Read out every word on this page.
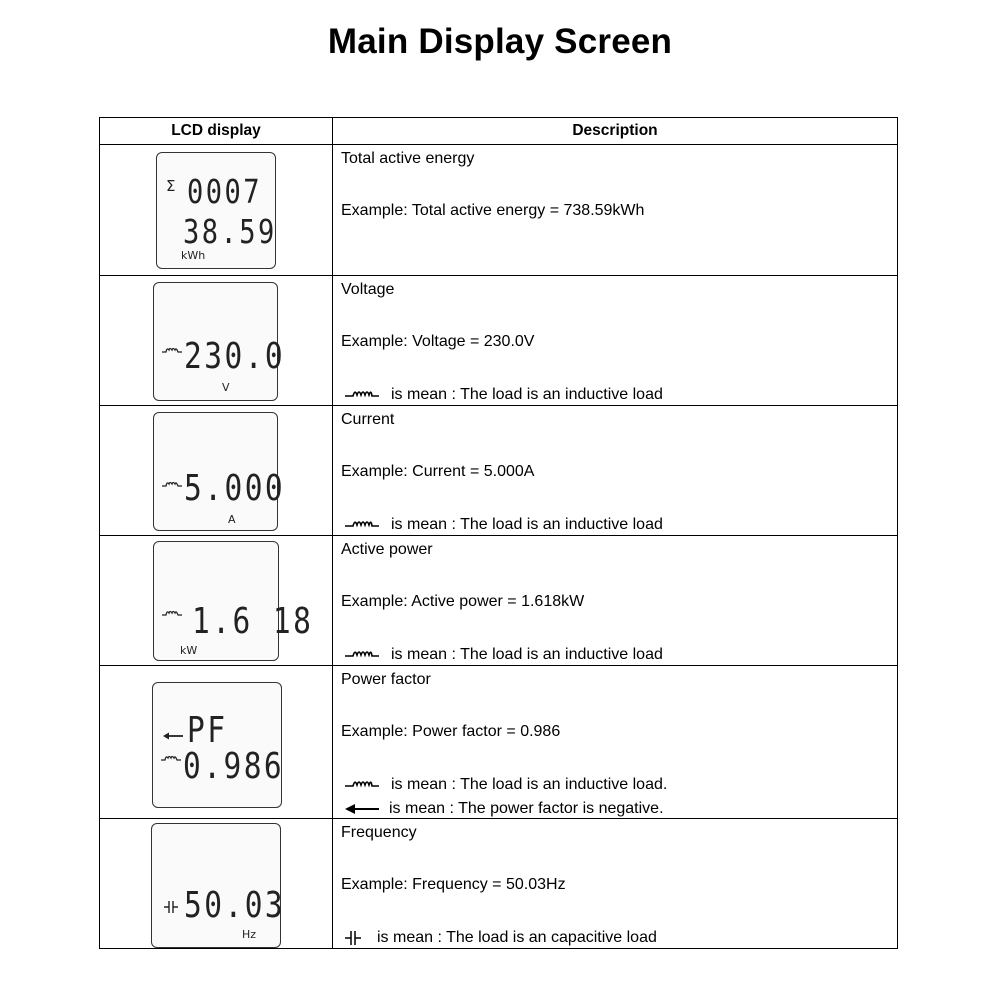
Main Display Screen
LCD display	Description

Σ 0007
38.59
kWh	Total active energy
Example: Total active energy = 738.59kWh

230.0
V	Voltage
Example: Voltage = 230.0V
is mean : The load is an inductive load

5.000
A	Current
Example: Current = 5.000A
is mean : The load is an inductive load

1.6 18
kW	Active power
Example: Active power = 1.618kW
is mean : The load is an inductive load

PF
0.986	Power factor
Example: Power factor = 0.986
is mean : The load is an inductive load.
is mean : The power factor is negative.

50.03
Hz	Frequency
Example: Frequency = 50.03Hz
is mean : The load is an capacitive load
